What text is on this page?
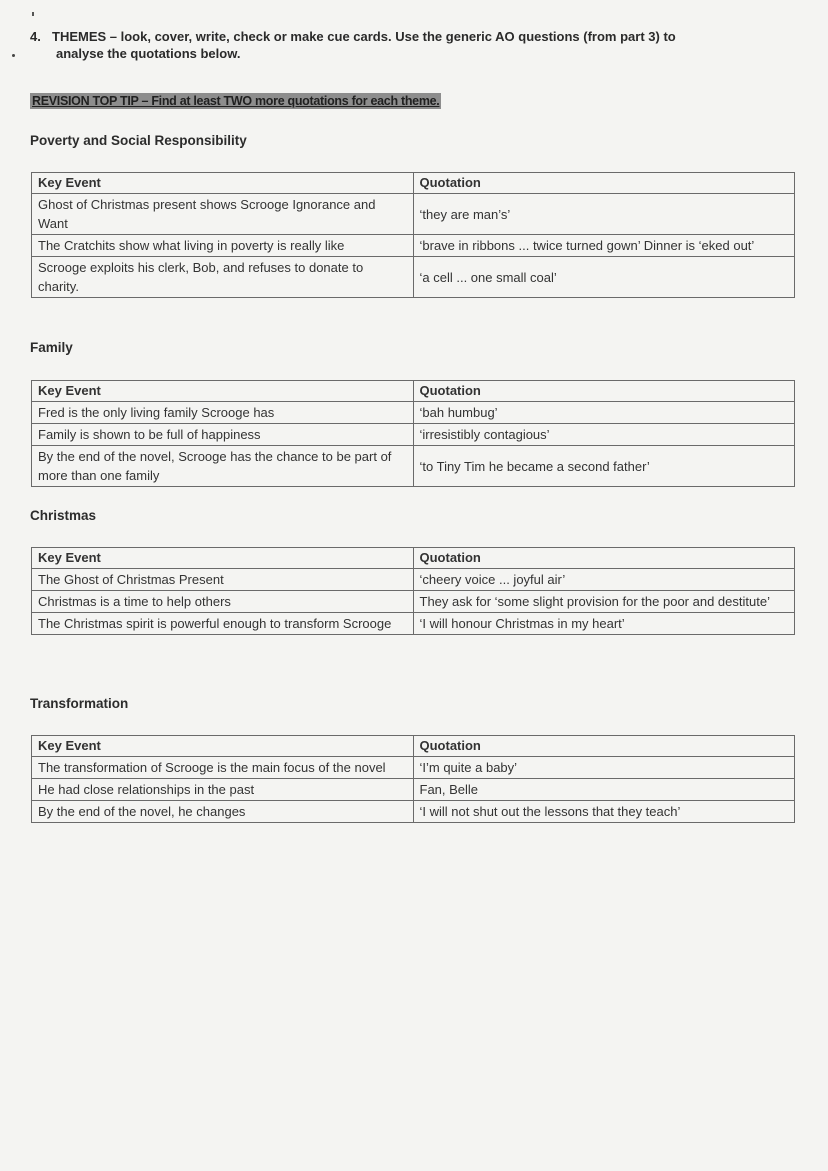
4. THEMES – look, cover, write, check or make cue cards. Use the generic AO questions (from part 3) to
analyse the quotations below.
REVISION TOP TIP – Find at least TWO more quotations for each theme.
Poverty and Social Responsibility
Key Event	Quotation
Ghost of Christmas present shows Scrooge Ignorance and Want	‘they are man’s’
The Cratchits show what living in poverty is really like	‘brave in ribbons ... twice turned gown’ Dinner is ‘eked out’
Scrooge exploits his clerk, Bob, and refuses to donate to charity.	‘a cell ... one small coal’
Family
Key Event	Quotation
Fred is the only living family Scrooge has	‘bah humbug’
Family is shown to be full of happiness	‘irresistibly contagious’
By the end of the novel, Scrooge has the chance to be part of more than one family	‘to Tiny Tim he became a second father’
Christmas
Key Event	Quotation
The Ghost of Christmas Present	‘cheery voice ... joyful air’
Christmas is a time to help others	They ask for ‘some slight provision for the poor and destitute’
The Christmas spirit is powerful enough to transform Scrooge	‘I will honour Christmas in my heart’
Transformation
Key Event	Quotation
The transformation of Scrooge is the main focus of the novel	‘I’m quite a baby’
He had close relationships in the past	Fan, Belle
By the end of the novel, he changes	‘I will not shut out the lessons that they teach’
